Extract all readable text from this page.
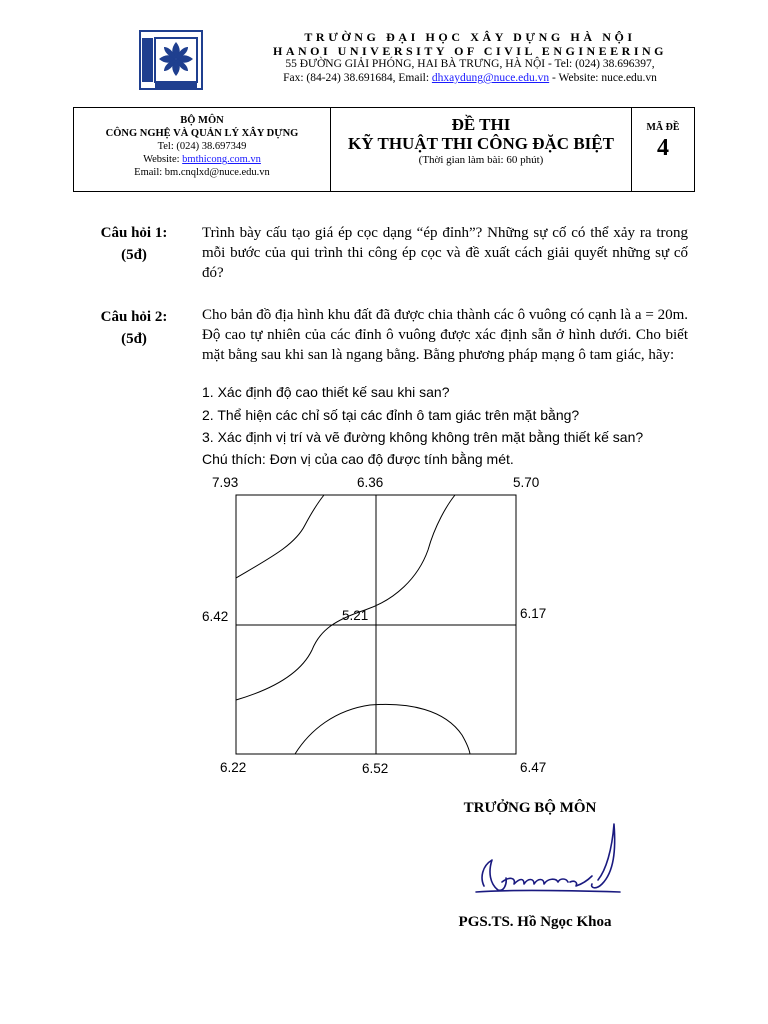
TRƯỜNG ĐẠI HỌC XÂY DỰNG HÀ NỘI
HANOI UNIVERSITY OF CIVIL ENGINEERING
55 ĐƯỜNG GIẢI PHÓNG, HAI BÀ TRƯNG, HÀ NỘI - Tel: (024) 38.696397,
Fax: (84-24) 38.691684, Email: dhxaydung@nuce.edu.vn - Website: nuce.edu.vn
BỘ MÔN
CÔNG NGHỆ VÀ QUẢN LÝ XÂY DỰNG
Tel: (024) 38.697349
Website: bmthicong.com.vn
Email: bm.cnqlxd@nuce.edu.vn
ĐỀ THI
KỸ THUẬT THI CÔNG ĐẶC BIỆT
(Thời gian làm bài: 60 phút)
MÃ ĐỀ
4
Câu hỏi 1:
(5đ)
Trình bày cấu tạo giá ép cọc dạng “ép đỉnh”? Những sự cố có thể xảy ra trong mỗi bước của qui trình thi công ép cọc và đề xuất cách giải quyết những sự cố đó?
Câu hỏi 2:
(5đ)
Cho bản đồ địa hình khu đất đã được chia thành các ô vuông có cạnh là a = 20m. Độ cao tự nhiên của các đỉnh ô vuông được xác định sẵn ở hình dưới. Cho biết mặt bằng sau khi san là ngang bằng. Bằng phương pháp mạng ô tam giác, hãy:
1. Xác định độ cao thiết kế sau khi san?
2. Thể hiện các chỉ số tại các đỉnh ô tam giác trên mặt bằng?
3. Xác định vị trí và vẽ đường không không trên mặt bằng thiết kế san?
Chú thích: Đơn vị của cao độ được tính bằng mét.
7.93	6.36	5.70
6.42	5.21	6.17
6.22	6.52	6.47
TRƯỞNG BỘ MÔN
PGS.TS. Hồ Ngọc Khoa
